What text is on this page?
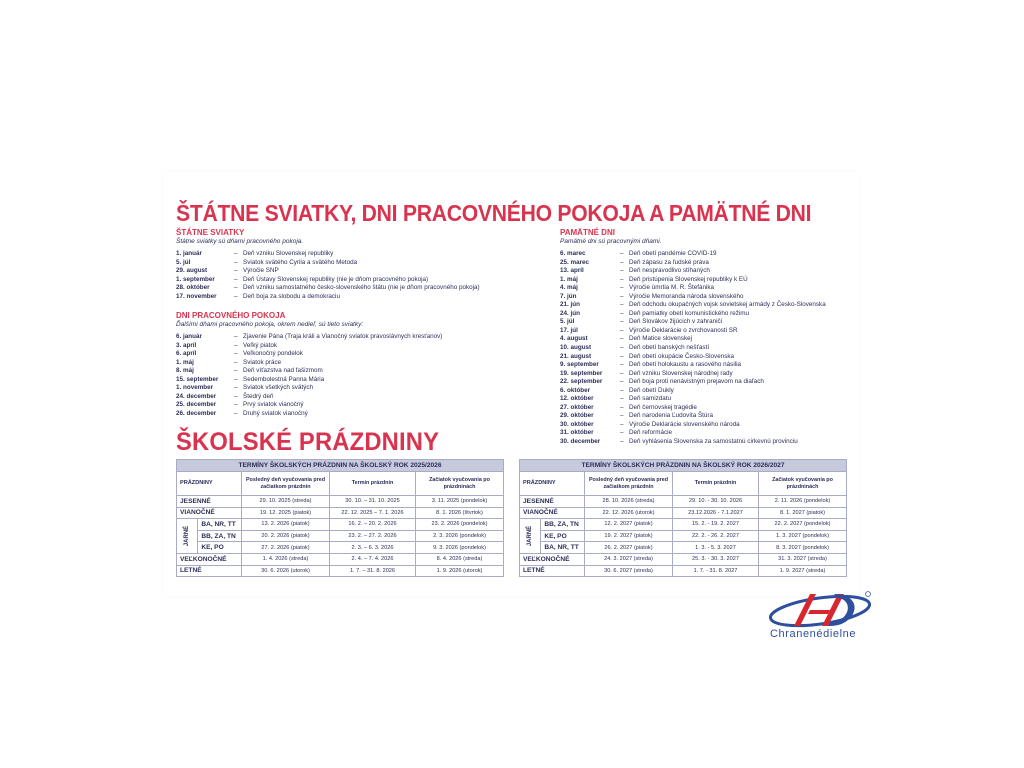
ŠTÁTNE SVIATKY, DNI PRACOVNÉHO POKOJA A PAMÄTNÉ DNI
ŠTÁTNE SVIATKY
Štátne sviatky sú dňami pracovného pokoja.
1. január	– Deň vzniku Slovenskej republiky
5. júl	– Sviatok svätého Cyrila a svätého Metoda
29. august	– Výročie SNP
1. september	– Deň Ústavy Slovenskej republiky (nie je dňom pracovného pokoja)
28. október	– Deň vzniku samostatného česko-slovenského štátu (nie je dňom pracovného pokoja)
17. november	– Deň boja za slobodu a demokraciu
DNI PRACOVNÉHO POKOJA
Ďalšími dňami pracovného pokoja, okrem nedieľ, sú tieto sviatky:
6. január	– Zjavenie Pána (Traja králi a Vianočný sviatok pravoslávnych kresťanov)
3. apríl	– Veľký piatok
6. apríl	– Veľkonočný pondelok
1. máj	– Sviatok práce
8. máj	– Deň víťazstva nad fašizmom
15. september	– Sedembolestná Panna Mária
1. november	– Sviatok všetkých svätých
24. december	– Štedrý deň
25. december	– Prvý sviatok vianočný
26. december	– Druhý sviatok vianočný
PAMÄTNÉ DNI
Pamätné dni sú pracovnými dňami.
6. marec	– Deň obetí pandémie COVID-19
25. marec	– Deň zápasu za ľudské práva
13. apríl	– Deň nespravodlivo stíhaných
1. máj	– Deň pristúpenia Slovenskej republiky k EÚ
4. máj	– Výročie úmrtia M. R. Štefánika
7. jún	– Výročie Memoranda národa slovenského
21. jún	– Deň odchodu okupačných vojsk sovietskej armády z Česko-Slovenska
24. jún	– Deň pamiatky obetí komunistického režimu
5. júl	– Deň Slovákov žijúcich v zahraničí
17. júl	– Výročie Deklarácie o zvrchovanosti SR
4. august	– Deň Matice slovenskej
10. august	– Deň obetí banských nešťastí
21. august	– Deň obetí okupácie Česko-Slovenska
9. september	– Deň obetí holokaustu a rasového násilia
19. september	– Deň vzniku Slovenskej národnej rady
22. september	– Deň boja proti nenávistným prejavom na diaľach
6. október	– Deň obetí Dukly
12. október	– Deň samizdatu
27. október	– Deň černovskej tragédie
29. október	– Deň narodenia Ľudovíta Štúra
30. október	– Výročie Deklarácie slovenského národa
31. október	– Deň reformácie
30. december	– Deň vyhlásenia Slovenska za samostatnú cirkevnú provinciu
ŠKOLSKÉ PRÁZDNINY
TERMÍNY ŠKOLSKÝCH PRÁZDNIN NA ŠKOLSKÝ ROK 2025/2026				
PRÁZDNINY		Posledný deň vyučovania pred začiatkom prázdnin	Termín prázdnin	Začiatok vyučovania po prázdninách
JESENNÉ		29. 10. 2025 (streda)	30. 10. – 31. 10. 2025	3. 11. 2025 (pondelok)
VIANOČNÉ		19. 12. 2025 (piatok)	22. 12. 2025 – 7. 1. 2026	8. 1. 2026 (štvrtok)
JARNÉ	BA, NR, TT	13. 2. 2026 (piatok)	16. 2. – 20. 2. 2026	23. 2. 2026 (pondelok)
	BB, ZA, TN	20. 2. 2026 (piatok)	23. 2. – 27. 2. 2026	2. 3. 2026 (pondelok)
	KE, PO	27. 2. 2026 (piatok)	2. 3. – 6. 3. 2026	9. 3. 2026 (pondelok)
VEĽKONOČNÉ		1. 4. 2026 (streda)	2. 4. – 7. 4. 2026	8. 4. 2026 (streda)
LETNÉ		30. 6. 2026 (utorok)	1. 7. – 31. 8. 2026	1. 9. 2026 (utorok)
TERMÍNY ŠKOLSKÝCH PRÁZDNIN NA ŠKOLSKÝ ROK 2026/2027				
PRÁZDNINY		Posledný deň vyučovania pred začiatkom prázdnin	Termín prázdnin	Začiatok vyučovania po prázdninách
JESENNÉ		28. 10. 2026 (streda)	29. 10. - 30. 10. 2026	2. 11. 2026 (pondelok)
VIANOČNÉ		22. 12. 2026 (utorok)	23.12.2026 - 7.1.2027	8. 1. 2027 (piatok)
JARNÉ	BB, ZA, TN	12. 2. 2027 (piatok)	15. 2. - 19. 2. 2027	22. 2. 2027 (pondelok)
	KE, PO	19. 2. 2027 (piatok)	22. 2. - 26. 2. 2027	1. 3. 2027 (pondelok)
	BA, NR, TT	26. 2. 2027 (piatok)	1. 3. - 5. 3. 2027	8. 3. 2027 (pondelok)
VEĽKONOČNÉ		24. 3. 2027 (streda)	25. 3. - 30. 3. 2027	31. 3. 2027 (streda)
LETNÉ		30. 6. 2027 (streda)	1. 7. - 31. 8. 2027	1. 9. 2027 (streda)
Chranenédielne
